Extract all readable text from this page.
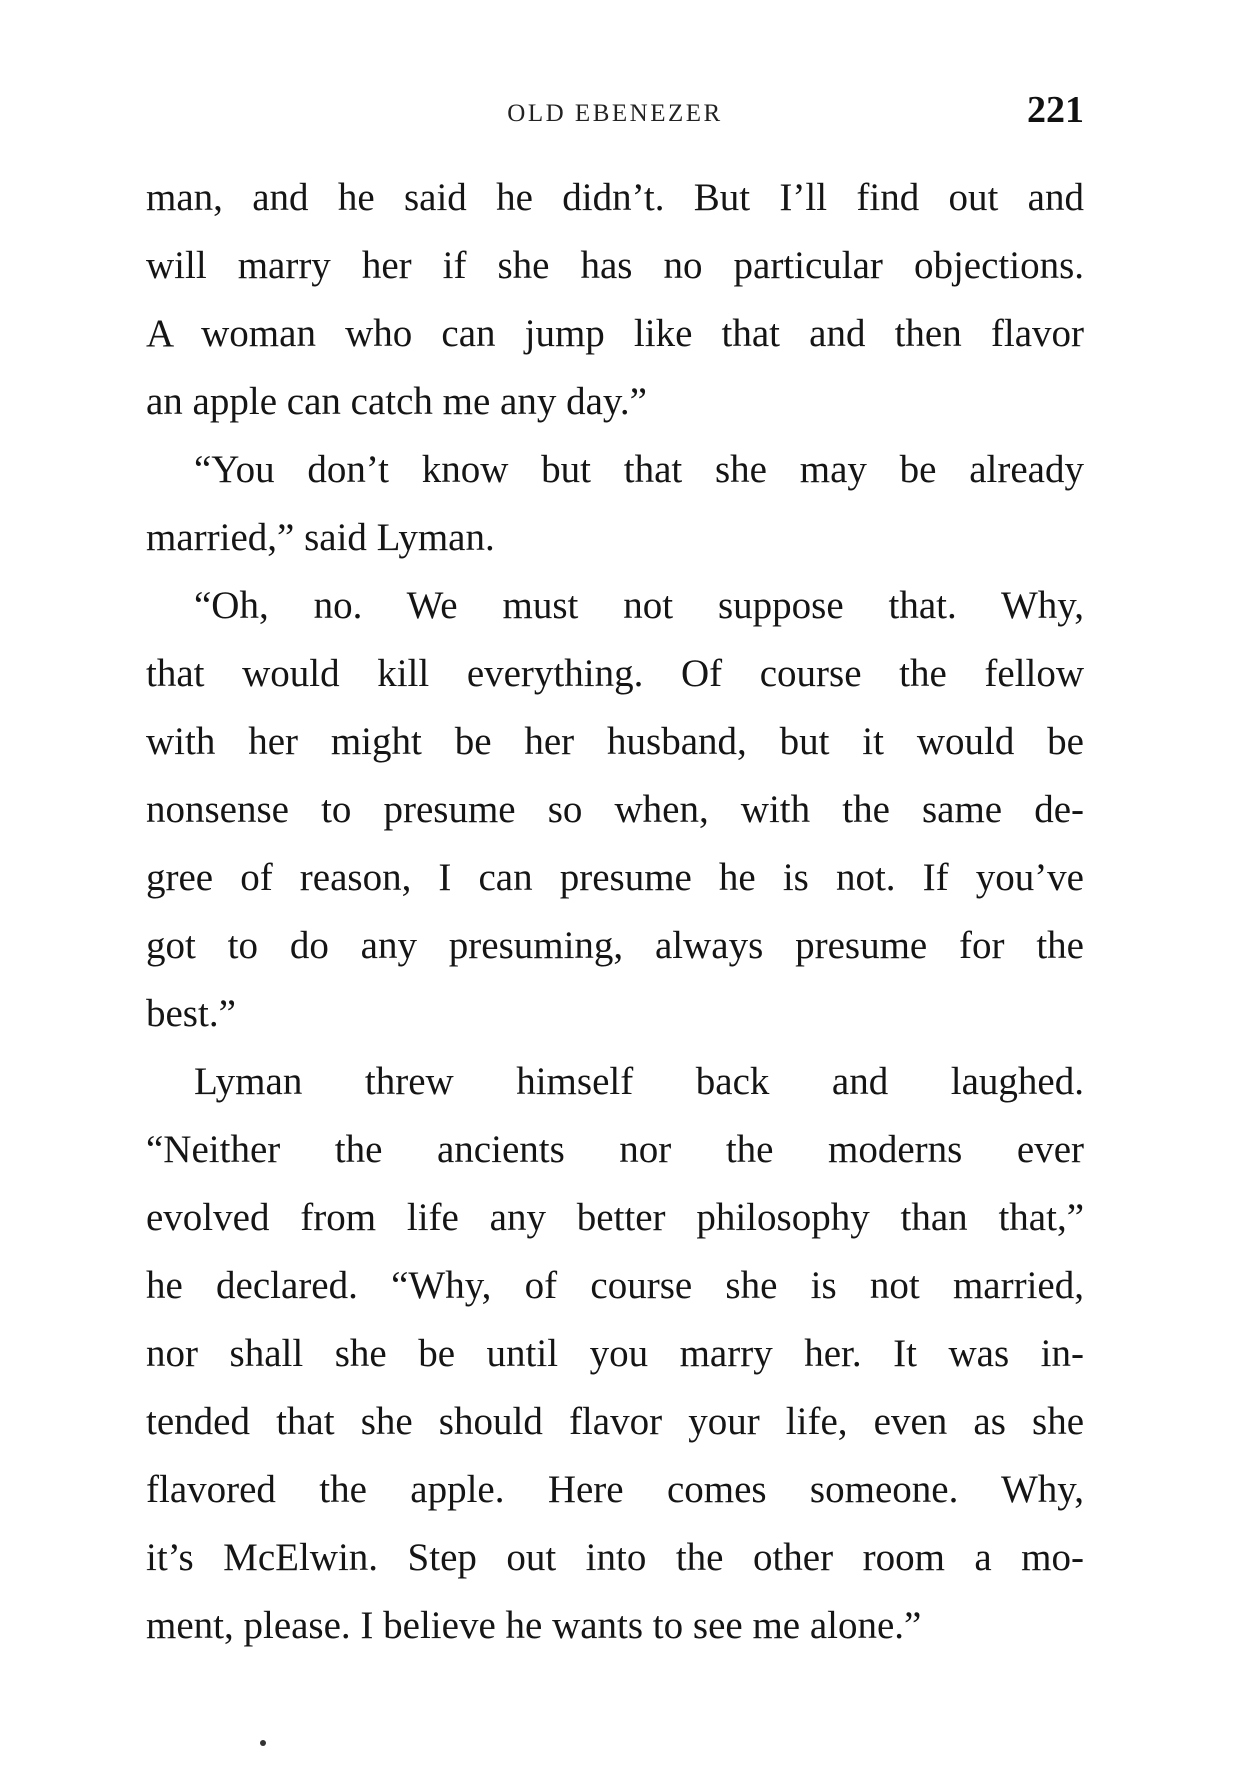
OLD EBENEZER	221
man, and he said he didn’t. But I’ll find out and
will marry her if she has no particular objections.
A woman who can jump like that and then flavor
an apple can catch me any day.”
“You don’t know but that she may be already
married,” said Lyman.
“Oh, no. We must not suppose that. Why,
that would kill everything. Of course the fellow
with her might be her husband, but it would be
nonsense to presume so when, with the same de-
gree of reason, I can presume he is not. If you’ve
got to do any presuming, always presume for the
best.”
Lyman threw himself back and laughed.
“Neither the ancients nor the moderns ever
evolved from life any better philosophy than that,”
he declared. “Why, of course she is not married,
nor shall she be until you marry her. It was in-
tended that she should flavor your life, even as she
flavored the apple. Here comes someone. Why,
it’s McElwin. Step out into the other room a mo-
ment, please. I believe he wants to see me alone.”
